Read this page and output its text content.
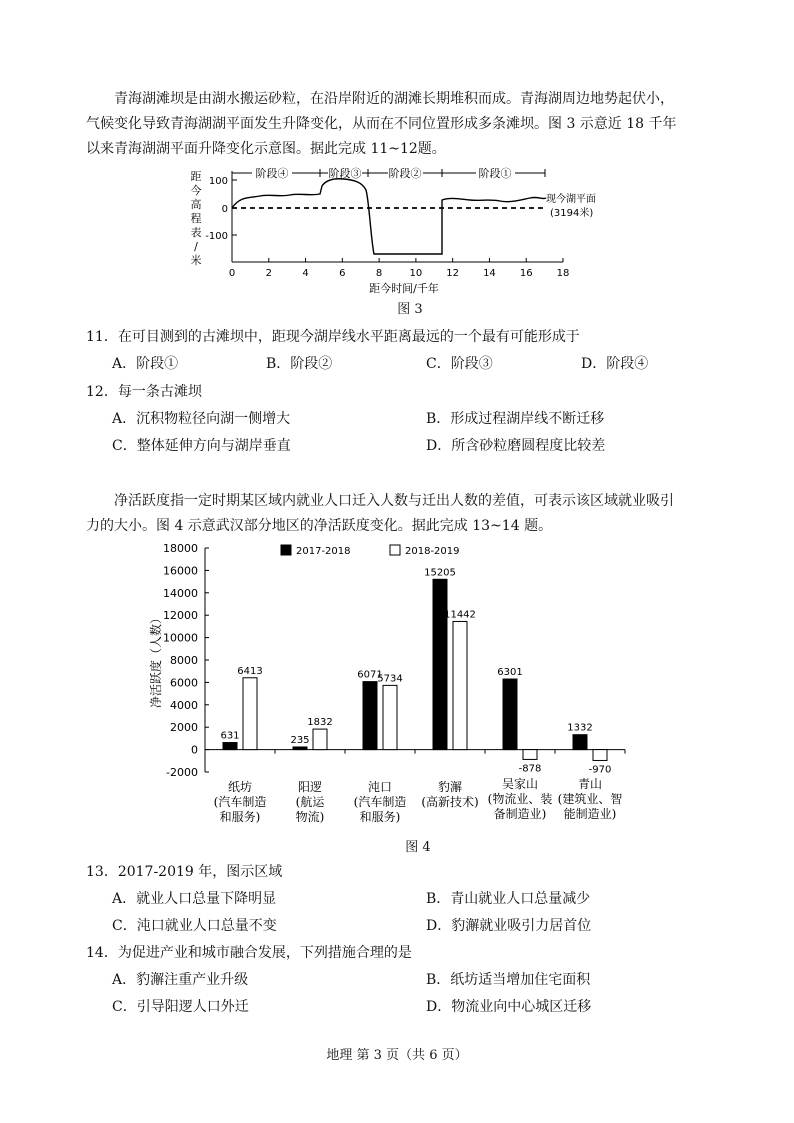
青海湖滩坝是由湖水搬运砂粒，在沿岸附近的湖滩长期堆积而成。青海湖周边地势起伏小，
气候变化导致青海湖湖平面发生升降变化，从而在不同位置形成多条滩坝。图 3 示意近 18 千年
以来青海湖湖平面升降变化示意图。据此完成 11~12题。
距
今
高
程
表
/
米
100
0
-100
0	2	4	6	8	10 12 14 16 18
阶段④	阶段③ 阶段②	阶段①
现今湖平面
(3194米)
距今时间/千年
图 3
11．在可目测到的古滩坝中，距现今湖岸线水平距离最远的一个最有可能形成于
A．阶段①	B．阶段②	C．阶段③	D．阶段④
12．每一条古滩坝
A．沉积物粒径向湖一侧增大	B．形成过程湖岸线不断迁移
C．整体延伸方向与湖岸垂直	D．所含砂粒磨圆程度比较差
净活跃度指一定时期某区域内就业人口迁入人数与迁出人数的差值，可表示该区域就业吸引
力的大小。图 4 示意武汉部分地区的净活跃度变化。据此完成 13~14 题。
净活跃度（人数）
18000
16000
14000
12000
10000
8000
6000
4000
2000
0
-2000
631
6413
235
1832
6071
5734
15205
11442
6301
-878
1332
-970
纸坊
(汽车制造
和服务)
阳逻
(航运
物流)
沌口
(汽车制造
和服务)
豹澥
(高新技术)
吴家山
(物流业、装
备制造业)
青山
(建筑业、智
能制造业)
2017-2018	2018-2019
图 4
13．2017-2019 年，图示区域
A．就业人口总量下降明显	B．青山就业人口总量减少
C．沌口就业人口总量不变	D．豹澥就业吸引力居首位
14．为促进产业和城市融合发展，下列措施合理的是
A．豹澥注重产业升级	B．纸坊适当增加住宅面积
C．引导阳逻人口外迁	D．物流业向中心城区迁移
地理 第 3 页（共 6 页）
